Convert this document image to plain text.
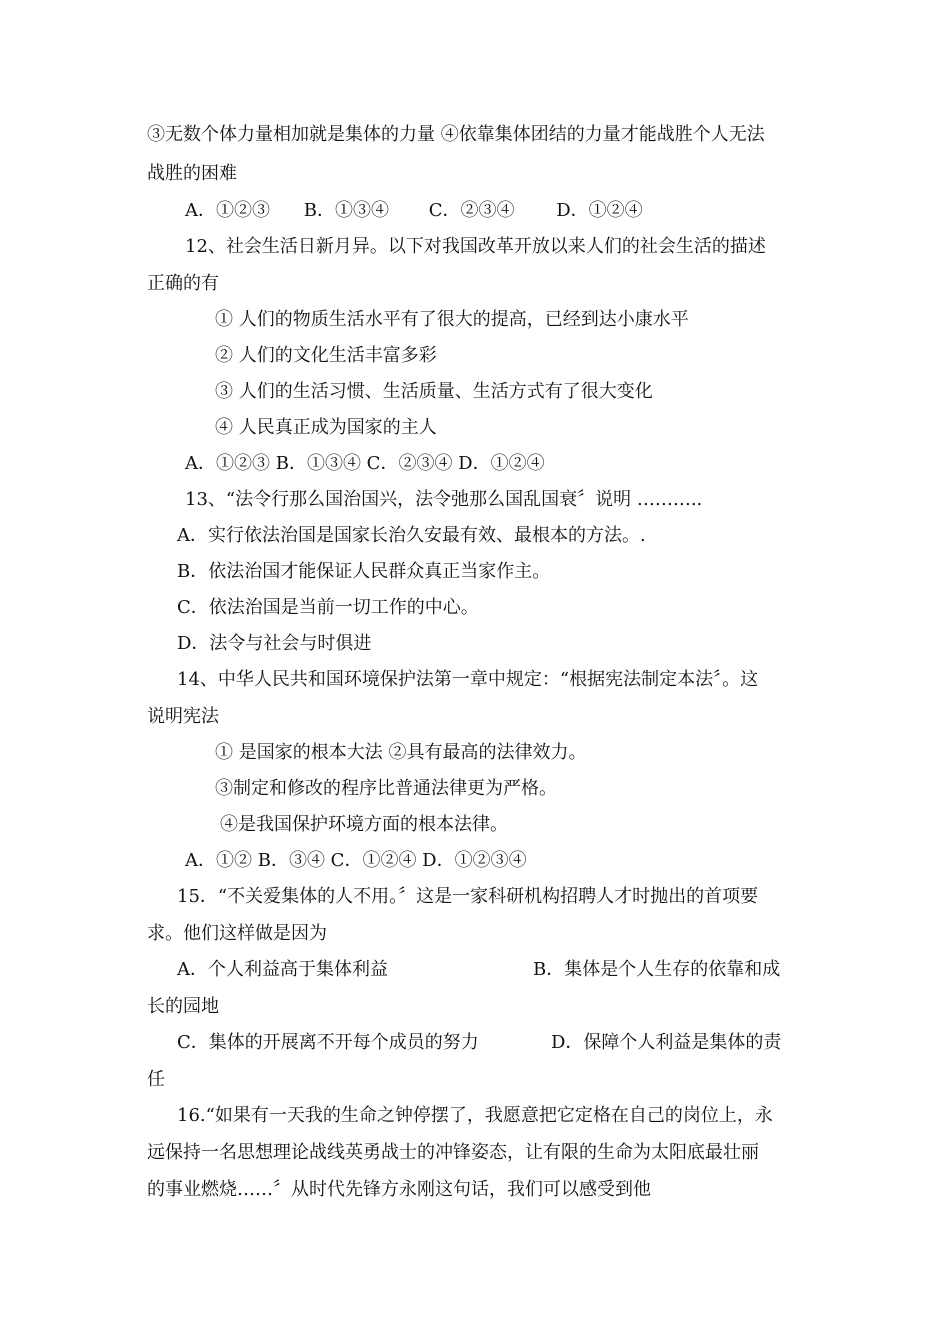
③无数个体力量相加就是集体的力量 ④依靠集体团结的力量才能战胜个人无法
战胜的困难
A．①②③ B．①③④ C．②③④ D．①②④
12、社会生活日新月异。以下对我国改革开放以来人们的社会生活的描述
正确的有
① 人们的物质生活水平有了很大的提高，已经到达小康水平
② 人们的文化生活丰富多彩
③ 人们的生活习惯、生活质量、生活方式有了很大变化
④ 人民真正成为国家的主人
A．①②③ B．①③④ C．②③④ D．①②④
13、“法令行那么国治国兴，法令弛那么国乱国衰〞说明 ………..
A．实行依法治国是国家长治久安最有效、最根本的方法。.
B．依法治国才能保证人民群众真正当家作主。
C．依法治国是当前一切工作的中心。
D．法令与社会与时俱进
14、中华人民共和国环境保护法第一章中规定：“根据宪法制定本法〞。这
说明宪法
① 是国家的根本大法 ②具有最高的法律效力。
③制定和修改的程序比普通法律更为严格。
④是我国保护环境方面的根本法律。
A．①② B．③④ C．①②④ D．①②③④
15．“不关爱集体的人不用。〞这是一家科研机构招聘人才时抛出的首项要
求。他们这样做是因为
A．个人利益高于集体利益	B．集体是个人生存的依靠和成
长的园地
C．集体的开展离不开每个成员的努力	D．保障个人利益是集体的责
任
16.“如果有一天我的生命之钟停摆了，我愿意把它定格在自己的岗位上，永
远保持一名思想理论战线英勇战士的冲锋姿态，让有限的生命为太阳底最壮丽
的事业燃烧……〞从时代先锋方永刚这句话，我们可以感受到他
